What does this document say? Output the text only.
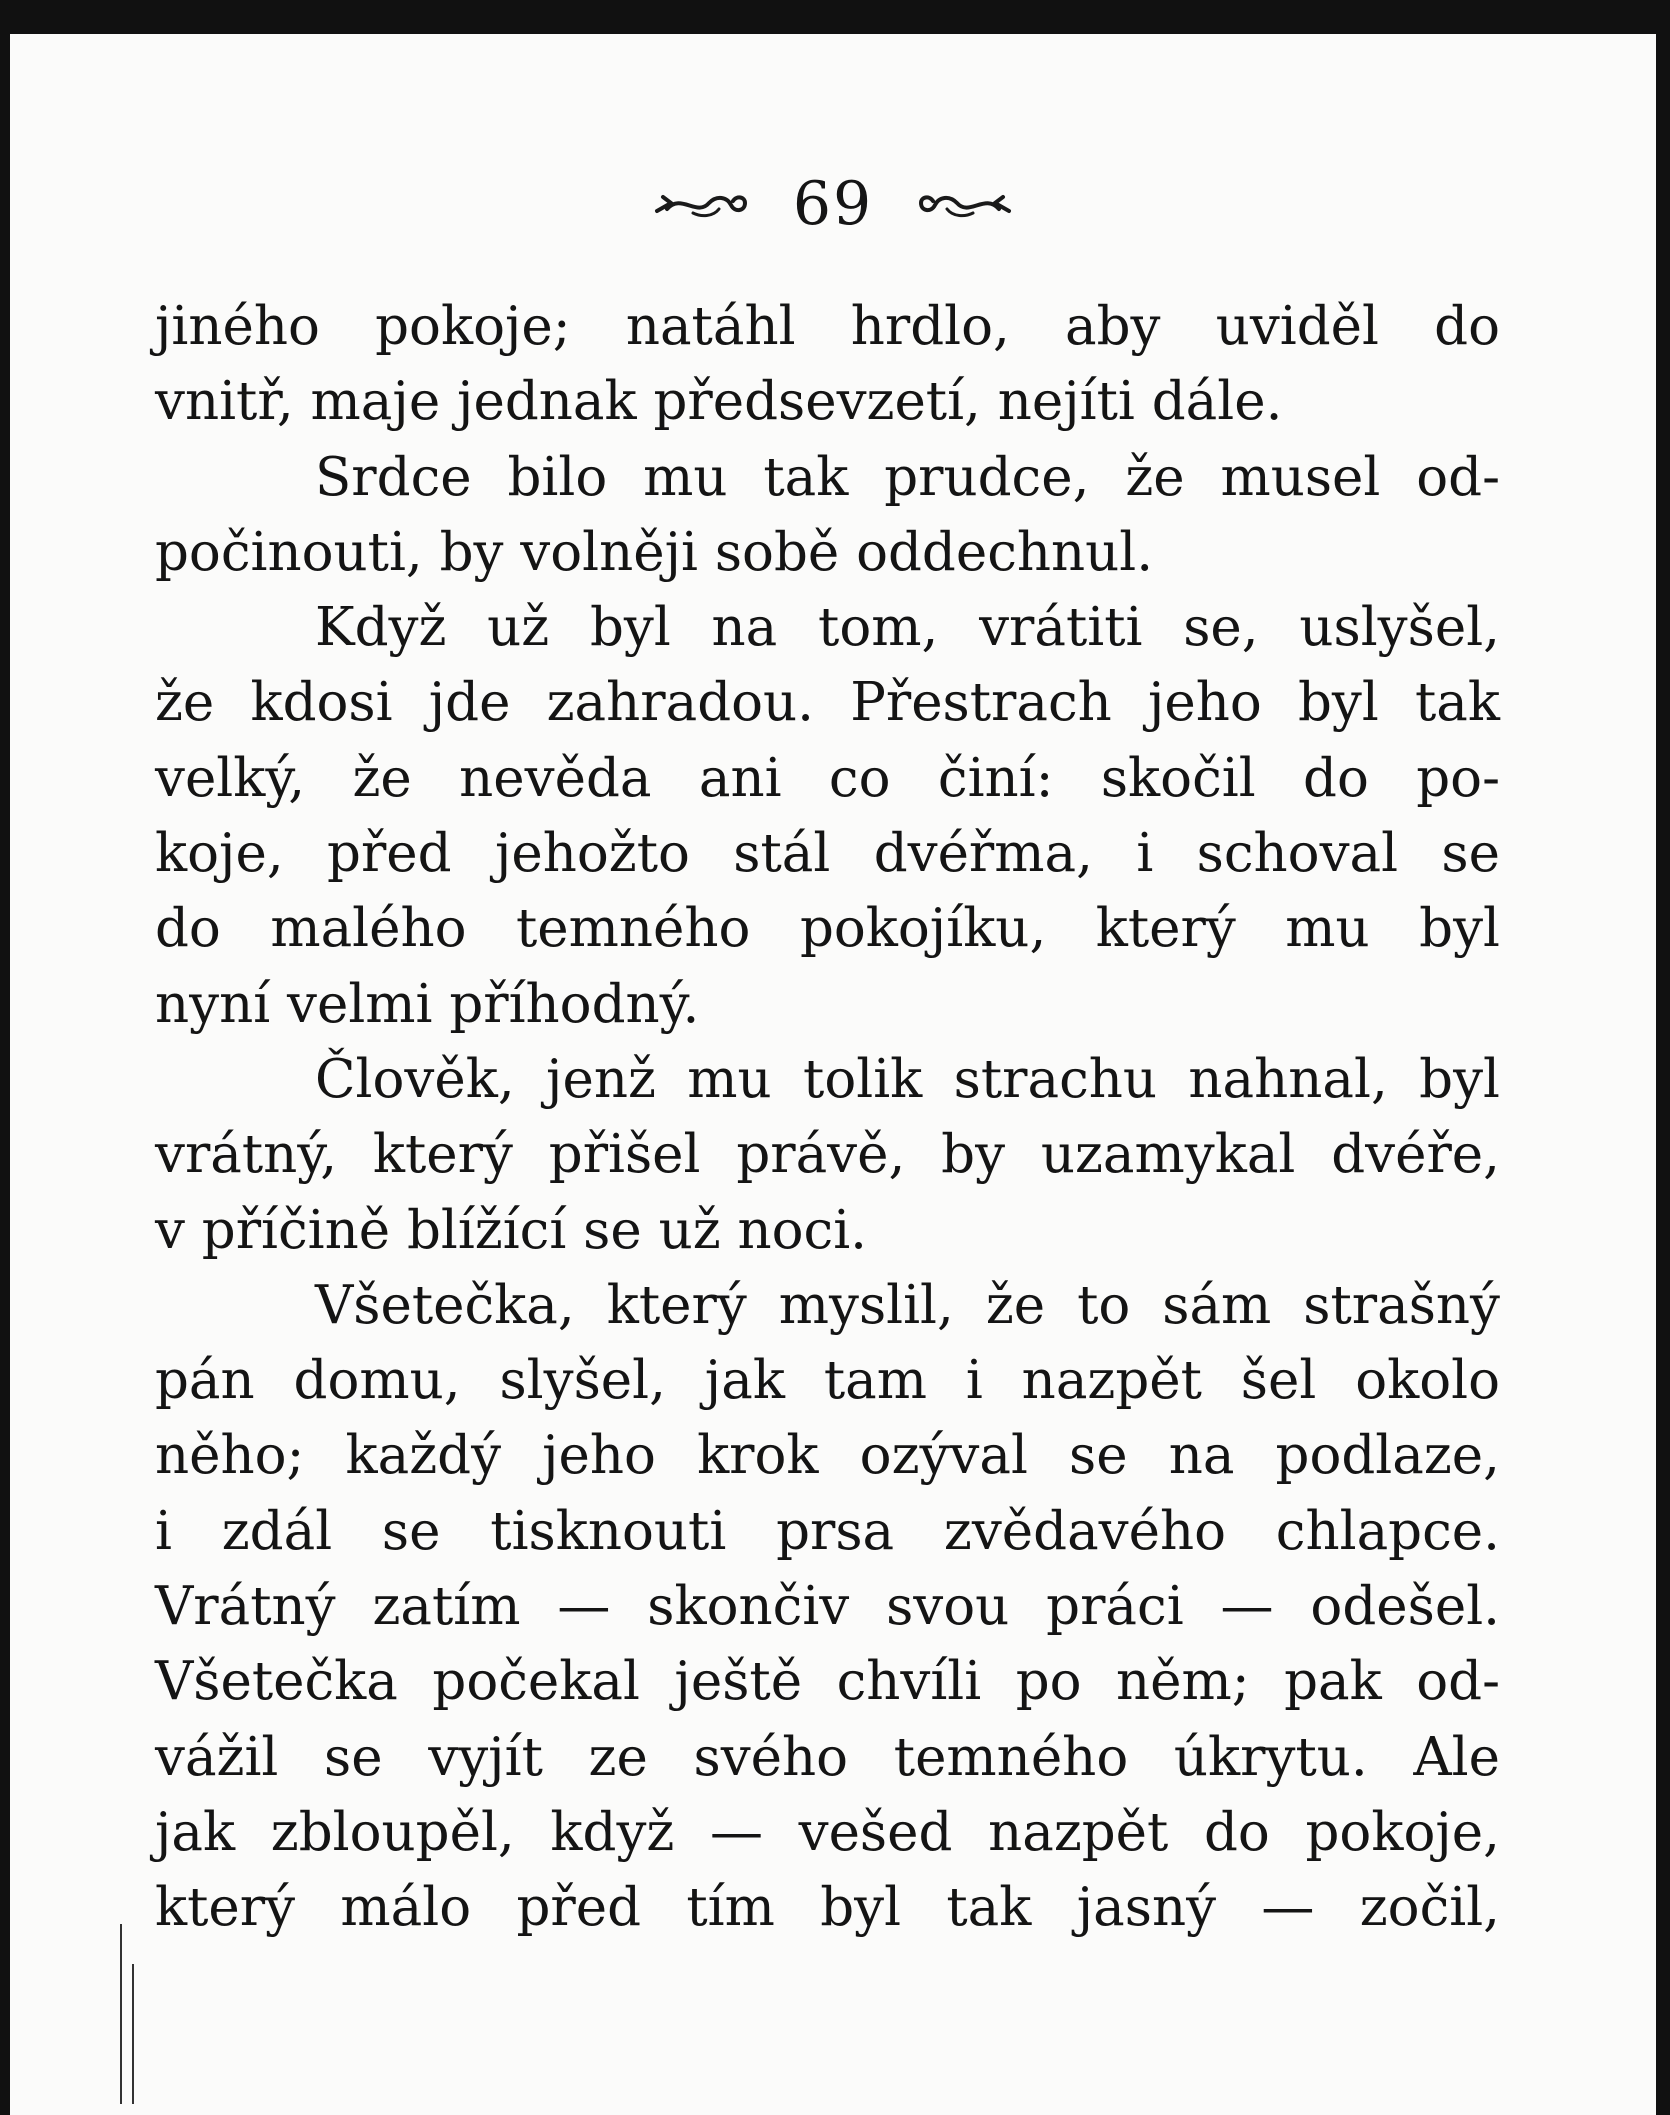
69
jiného pokoje; natáhl hrdlo, aby uviděl do
vnitř, maje jednak předsevzetí, nejíti dále.
Srdce bilo mu tak prudce, že musel od-
počinouti, by volněji sobě oddechnul.
Když už byl na tom, vrátiti se, uslyšel,
že kdosi jde zahradou. Přestrach jeho byl tak
velký, že nevěda ani co činí: skočil do po-
koje, před jehožto stál dvéřma, i schoval se
do malého temného pokojíku, který mu byl
nyní velmi příhodný.
Člověk, jenž mu tolik strachu nahnal, byl
vrátný, který přišel právě, by uzamykal dvéře,
v příčině blížící se už noci.
Všetečka, který myslil, že to sám strašný
pán domu, slyšel, jak tam i nazpět šel okolo
něho; každý jeho krok ozýval se na podlaze,
i zdál se tisknouti prsa zvědavého chlapce.
Vrátný zatím — skončiv svou práci — odešel.
Všetečka počekal ještě chvíli po něm; pak od-
vážil se vyjít ze svého temného úkrytu. Ale
jak zbloupěl, když — vešed nazpět do pokoje,
který málo před tím byl tak jasný — zočil,
